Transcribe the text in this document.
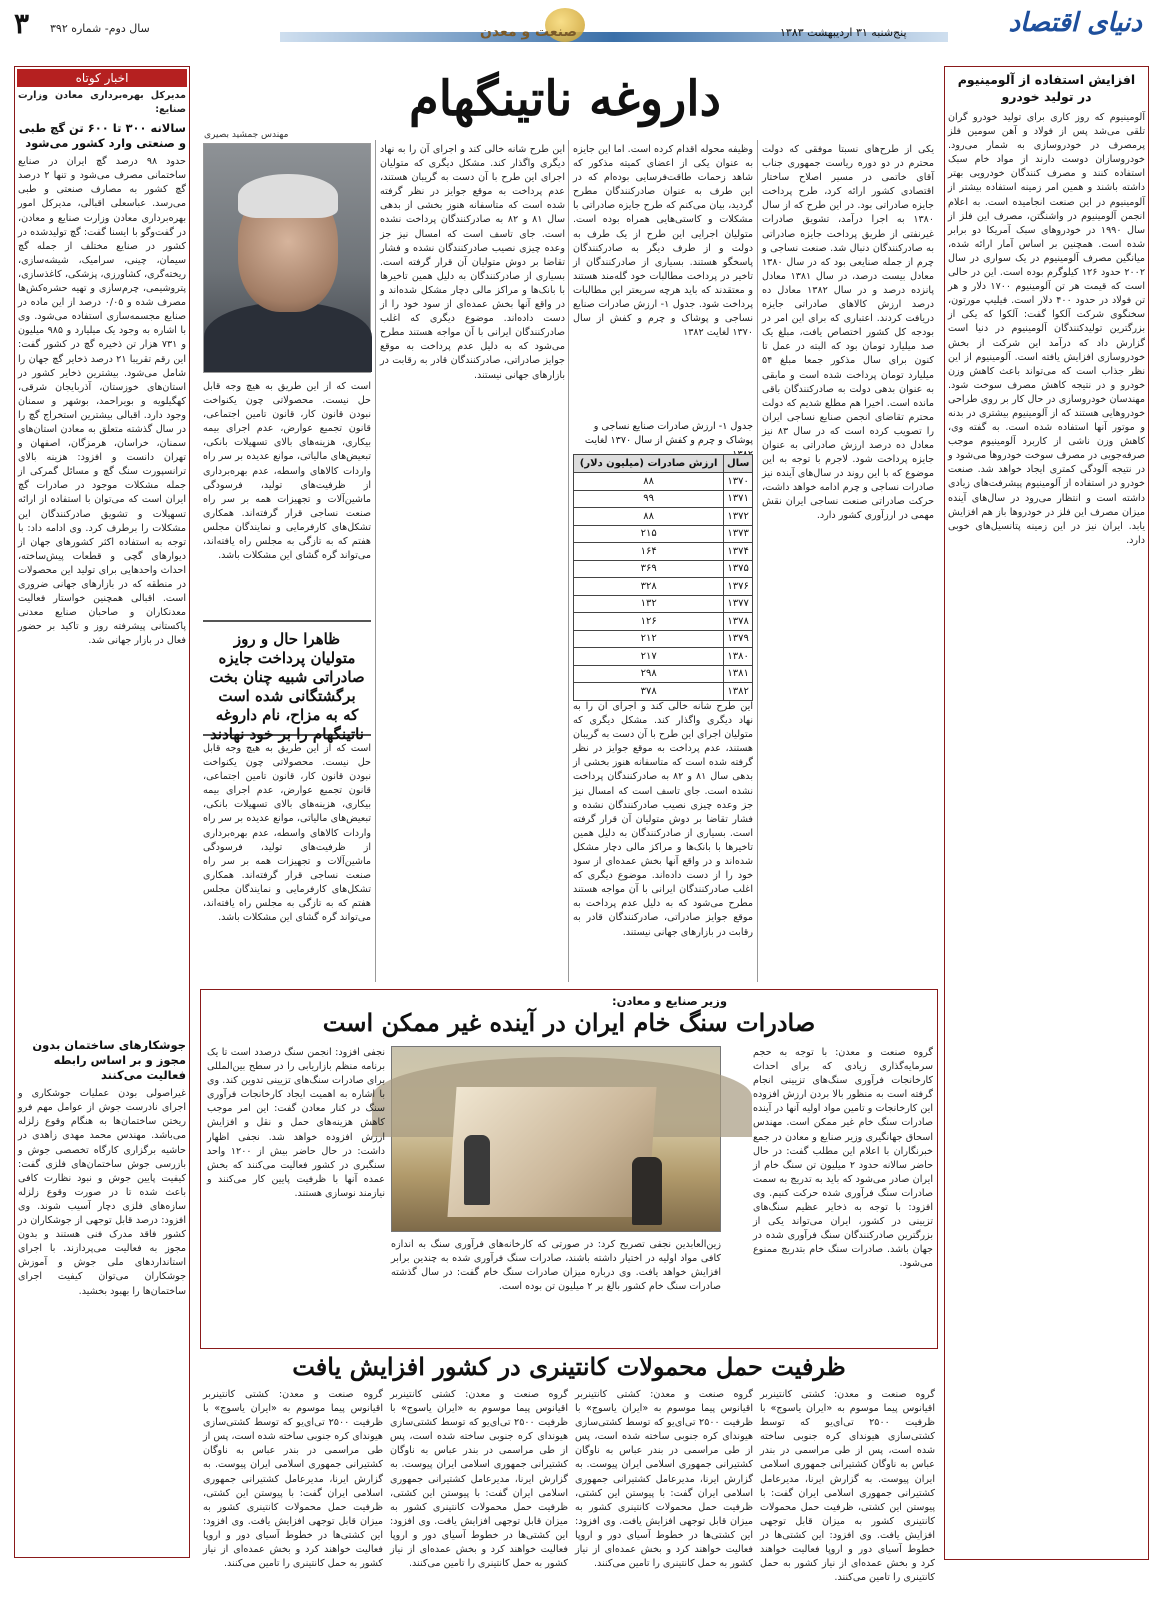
دنیای اقتصاد
پنج‌شنبه ۳۱ اردیبهشت ۱۳۸۳
صنعت و معدن
سال دوم- شماره ۳۹۲
۳
اخبار کوتاه
مدیرکل بهره‌برداری معادن وزارت صنایع:
سالانه ۳۰۰ تا ۶۰۰ تن گچ طبی و صنعتی وارد کشور می‌شود
حدود ۹۸ درصد گچ ایران در صنایع ساختمانی مصرف می‌شود و تنها ۲ درصد گچ کشور به مصارف صنعتی و طبی می‌رسد. عباسعلی اقبالی، مدیرکل امور بهره‌برداری معادن وزارت صنایع و معادن، در گفت‌وگو با ایسنا گفت: گچ تولیدشده در کشور در صنایع مختلف از جمله گچ سیمان، چینی، سرامیک، شیشه‌سازی، ریخته‌گری، کشاورزی، پزشکی، کاغذسازی، پتروشیمی، چرم‌سازی و تهیه حشره‌کش‌ها مصرف شده و ۰/۰۵ درصد از این ماده در صنایع مجسمه‌سازی استفاده می‌شود. وی با اشاره به وجود یک میلیارد و ۹۸۵ میلیون و ۷۳۱ هزار تن ذخیره گچ در کشور گفت: این رقم تقریبا ۲۱ درصد ذخایر گچ جهان را شامل می‌شود. بیشترین ذخایر کشور در استان‌های خوزستان، آذربایجان شرقی، کهگیلویه و بویراحمد، بوشهر و سمنان وجود دارد. اقبالی بیشترین استخراج گچ را در سال گذشته متعلق به معادن استان‌های سمنان، خراسان، هرمزگان، اصفهان و تهران دانست و افزود: هزینه بالای ترانسپورت سنگ گچ و مسائل گمرکی از جمله مشکلات موجود در صادرات گچ ایران است که می‌توان با استفاده از ارائه تسهیلات و تشویق صادرکنندگان این مشکلات را برطرف کرد. وی ادامه داد: با توجه به استفاده اکثر کشورهای جهان از دیوارهای گچی و قطعات پیش‌ساخته، احداث واحدهایی برای تولید این محصولات در منطقه که در بازارهای جهانی ضروری است. اقبالی همچنین خواستار فعالیت معدنکاران و صاحبان صنایع معدنی پاکستانی پیشرفته روز و تاکید بر حضور فعال در بازار جهانی شد.
جوشکارهای ساختمان بدون مجوز و بر اساس رابطه فعالیت می‌کنند
غیراصولی بودن عملیات جوشکاری و اجرای نادرست جوش از عوامل مهم فرو ریختن ساختمان‌ها به هنگام وقوع زلزله می‌باشد. مهندس محمد مهدی زاهدی در حاشیه برگزاری کارگاه تخصصی جوش و بازرسی جوش ساختمان‌های فلزی گفت: کیفیت پایین جوش و نبود نظارت کافی باعث شده تا در صورت وقوع زلزله سازه‌های فلزی دچار آسیب شوند. وی افزود: درصد قابل توجهی از جوشکاران در کشور فاقد مدرک فنی هستند و بدون مجوز به فعالیت می‌پردازند. با اجرای استانداردهای ملی جوش و آموزش جوشکاران می‌توان کیفیت اجرای ساختمان‌ها را بهبود بخشید.
داروغه ناتینگهام
مهندس جمشید بصیری
است که از این طریق به هیچ وجه قابل حل نیست. محصولاتی چون یکنواخت نبودن قانون کار، قانون تامین اجتماعی، قانون تجمیع عوارض، عدم اجرای بیمه بیکاری، هزینه‌های بالای تسهیلات بانکی، تبعیض‌های مالیاتی، موانع عدیده بر سر راه واردات کالاهای واسطه، عدم بهره‌برداری از ظرفیت‌های تولید، فرسودگی ماشین‌آلات و تجهیزات همه بر سر راه صنعت نساجی قرار گرفته‌اند. همکاری تشکل‌های کارفرمایی و نمایندگان مجلس هفتم که به تازگی به مجلس راه یافته‌اند، می‌تواند گره گشای این مشکلات باشد.
ظاهرا حال و روز متولیان پرداخت جایزه صادراتی شبیه چنان بخت برگشتگانی شده است که به مزاح، نام داروغه ناتینگهام را بر خود نهادند
است که از این طریق به هیچ وجه قابل حل نیست. محصولاتی چون یکنواخت نبودن قانون کار، قانون تامین اجتماعی، قانون تجمیع عوارض، عدم اجرای بیمه بیکاری، هزینه‌های بالای تسهیلات بانکی، تبعیض‌های مالیاتی، موانع عدیده بر سر راه واردات کالاهای واسطه، عدم بهره‌برداری از ظرفیت‌های تولید، فرسودگی ماشین‌آلات و تجهیزات همه بر سر راه صنعت نساجی قرار گرفته‌اند. همکاری تشکل‌های کارفرمایی و نمایندگان مجلس هفتم که به تازگی به مجلس راه یافته‌اند، می‌تواند گره گشای این مشکلات باشد.
این طرح شانه خالی کند و اجرای آن را به نهاد دیگری واگذار کند. مشکل دیگری که متولیان اجرای این طرح با آن دست به گریبان هستند، عدم پرداخت به موقع جوایز در نظر گرفته شده است که متاسفانه هنوز بخشی از بدهی سال ۸۱ و ۸۲ به صادرکنندگان پرداخت نشده است. جای تاسف است که امسال نیز جز وعده چیزی نصیب صادرکنندگان نشده و فشار تقاضا بر دوش متولیان آن قرار گرفته است. بسیاری از صادرکنندگان به دلیل همین تاخیرها با بانک‌ها و مراکز مالی دچار مشکل شده‌اند و در واقع آنها بخش عمده‌ای از سود خود را از دست داده‌اند. موضوع دیگری که اغلب صادرکنندگان ایرانی با آن مواجه هستند مطرح می‌شود که به دلیل عدم پرداخت به موقع جوایز صادراتی، صادرکنندگان قادر به رقابت در بازارهای جهانی نیستند.
وظیفه محوله اقدام کرده است. اما این جایزه به عنوان یکی از اعضای کمیته مذکور که شاهد زحمات طاقت‌فرسایی بوده‌ام که در این طرف به عنوان صادرکنندگان مطرح گردید، بیان می‌کنم که طرح جایزه صادراتی با مشکلات و کاستی‌هایی همراه بوده است. متولیان اجرایی این طرح از یک طرف به دولت و از طرف دیگر به صادرکنندگان پاسخگو هستند. بسیاری از صادرکنندگان از تاخیر در پرداخت مطالبات خود گله‌مند هستند و معتقدند که باید هرچه سریعتر این مطالبات پرداخت شود. جدول ۱- ارزش صادرات صنایع نساجی و پوشاک و چرم و کفش از سال ۱۳۷۰ لغایت ۱۳۸۲
این طرح شانه خالی کند و اجرای آن را به نهاد دیگری واگذار کند. مشکل دیگری که متولیان اجرای این طرح با آن دست به گریبان هستند، عدم پرداخت به موقع جوایز در نظر گرفته شده است که متاسفانه هنوز بخشی از بدهی سال ۸۱ و ۸۲ به صادرکنندگان پرداخت نشده است. جای تاسف است که امسال نیز جز وعده چیزی نصیب صادرکنندگان نشده و فشار تقاضا بر دوش متولیان آن قرار گرفته است. بسیاری از صادرکنندگان به دلیل همین تاخیرها با بانک‌ها و مراکز مالی دچار مشکل شده‌اند و در واقع آنها بخش عمده‌ای از سود خود را از دست داده‌اند. موضوع دیگری که اغلب صادرکنندگان ایرانی با آن مواجه هستند مطرح می‌شود که به دلیل عدم پرداخت به موقع جوایز صادراتی، صادرکنندگان قادر به رقابت در بازارهای جهانی نیستند.
یکی از طرح‌های نسبتا موفقی که دولت محترم در دو دوره ریاست جمهوری جناب آقای خاتمی در مسیر اصلاح ساختار اقتصادی کشور ارائه کرد، طرح پرداخت جایزه صادراتی بود. در این طرح که از سال ۱۳۸۰ به اجرا درآمد، تشویق صادرات غیرنفتی از طریق پرداخت جایزه صادراتی به صادرکنندگان دنبال شد. صنعت نساجی و چرم از جمله صنایعی بود که در سال ۱۳۸۰ معادل بیست درصد، در سال ۱۳۸۱ معادل پانزده درصد و در سال ۱۳۸۲ معادل ده درصد ارزش کالاهای صادراتی جایزه دریافت کردند. اعتباری که برای این امر در بودجه کل کشور اختصاص یافت، مبلغ یک صد میلیارد تومان بود که البته در عمل تا کنون برای سال مذکور جمعا مبلغ ۵۴ میلیارد تومان پرداخت شده است و مابقی به عنوان بدهی دولت به صادرکنندگان باقی مانده است. اخیرا هم مطلع شدیم که دولت محترم تقاضای انجمن صنایع نساجی ایران را تصویب کرده است که در سال ۸۳ نیز معادل ده درصد ارزش صادراتی به عنوان جایزه پرداخت شود. لاجرم با توجه به این موضوع که با این روند در سال‌های آینده نیز صادرات نساجی و چرم ادامه خواهد داشت، حرکت صادراتی صنعت نساجی ایران نقش مهمی در ارزآوری کشور دارد.
جدول ۱- ارزش صادرات صنایع نساجی و پوشاک و چرم و کفش از سال ۱۳۷۰ لغایت
سال	ارزش صادرات (میلیون دلار)
۱۳۷۰	۸۸
۱۳۷۱	۹۹
۱۳۷۲	۸۸
۱۳۷۳	۲۱۵
۱۳۷۴	۱۶۴
۱۳۷۵	۳۶۹
۱۳۷۶	۳۲۸
۱۳۷۷	۱۳۲
۱۳۷۸	۱۲۶
۱۳۷۹	۲۱۲
۱۳۸۰	۲۱۷
۱۳۸۱	۲۹۸
۱۳۸۲	۳۷۸
وزیر صنایع و معادن:
صادرات سنگ خام ایران در آینده غیر ممکن است
گروه صنعت و معدن: با توجه به حجم سرمایه‌گذاری زیادی که برای احداث کارخانجات فرآوری سنگ‌های تزیینی انجام گرفته است به منظور بالا بردن ارزش افزوده این کارخانجات و تامین مواد اولیه آنها در آینده صادرات سنگ خام غیر ممکن است. مهندس اسحاق جهانگیری وزیر صنایع و معادن در جمع خبرنگاران با اعلام این مطلب گفت: در حال حاضر سالانه حدود ۲ میلیون تن سنگ خام از ایران صادر می‌شود که باید به تدریج به سمت صادرات سنگ فرآوری شده حرکت کنیم. وی افزود: با توجه به ذخایر عظیم سنگ‌های تزیینی در کشور، ایران می‌تواند یکی از بزرگترین صادرکنندگان سنگ فرآوری شده در جهان باشد. صادرات سنگ خام بتدریج ممنوع می‌شود.
نجفی افزود: انجمن سنگ درصدد است تا یک برنامه منظم بازاریابی را در سطح بین‌المللی برای صادرات سنگ‌های تزیینی تدوین کند. وی با اشاره به اهمیت ایجاد کارخانجات فرآوری سنگ در کنار معادن گفت: این امر موجب کاهش هزینه‌های حمل و نقل و افزایش ارزش افزوده خواهد شد. نجفی اظهار داشت: در حال حاضر بیش از ۱۲۰۰ واحد سنگبری در کشور فعالیت می‌کنند که بخش عمده آنها با ظرفیت پایین کار می‌کنند و نیازمند نوسازی هستند.
زین‌العابدین نجفی تصریح کرد: در صورتی که کارخانه‌های فرآوری سنگ به اندازه کافی مواد اولیه در اختیار داشته باشند، صادرات سنگ فرآوری شده به چندین برابر افزایش خواهد یافت. وی درباره میزان صادرات سنگ خام گفت: در سال گذشته صادرات سنگ خام کشور بالغ بر ۲ میلیون تن بوده است.
ظرفیت حمل محمولات کانتینری در کشور افزایش یافت
گروه صنعت و معدن: کشتی کانتینربر اقیانوس پیما موسوم به «ایران یاسوج» با ظرفیت ۲۵۰۰ تی‌ای‌یو که توسط کشتی‌سازی هیوندای کره جنوبی ساخته شده است، پس از طی مراسمی در بندر عباس به ناوگان کشتیرانی جمهوری اسلامی ایران پیوست. به گزارش ایرنا، مدیرعامل کشتیرانی جمهوری اسلامی ایران گفت: با پیوستن این کشتی، ظرفیت حمل محمولات کانتینری کشور به میزان قابل توجهی افزایش یافت. وی افزود: این کشتی‌ها در خطوط آسیای دور و اروپا فعالیت خواهند کرد و بخش عمده‌ای از نیاز کشور به حمل کانتینری را تامین می‌کنند.
گروه صنعت و معدن: کشتی کانتینربر اقیانوس پیما موسوم به «ایران یاسوج» با ظرفیت ۲۵۰۰ تی‌ای‌یو که توسط کشتی‌سازی هیوندای کره جنوبی ساخته شده است، پس از طی مراسمی در بندر عباس به ناوگان کشتیرانی جمهوری اسلامی ایران پیوست. به گزارش ایرنا، مدیرعامل کشتیرانی جمهوری اسلامی ایران گفت: با پیوستن این کشتی، ظرفیت حمل محمولات کانتینری کشور به میزان قابل توجهی افزایش یافت. وی افزود: این کشتی‌ها در خطوط آسیای دور و اروپا فعالیت خواهند کرد و بخش عمده‌ای از نیاز کشور به حمل کانتینری را تامین می‌کنند.
گروه صنعت و معدن: کشتی کانتینربر اقیانوس پیما موسوم به «ایران یاسوج» با ظرفیت ۲۵۰۰ تی‌ای‌یو که توسط کشتی‌سازی هیوندای کره جنوبی ساخته شده است، پس از طی مراسمی در بندر عباس به ناوگان کشتیرانی جمهوری اسلامی ایران پیوست. به گزارش ایرنا، مدیرعامل کشتیرانی جمهوری اسلامی ایران گفت: با پیوستن این کشتی، ظرفیت حمل محمولات کانتینری کشور به میزان قابل توجهی افزایش یافت. وی افزود: این کشتی‌ها در خطوط آسیای دور و اروپا فعالیت خواهند کرد و بخش عمده‌ای از نیاز کشور به حمل کانتینری را تامین می‌کنند.
گروه صنعت و معدن: کشتی کانتینربر اقیانوس پیما موسوم به «ایران یاسوج» با ظرفیت ۲۵۰۰ تی‌ای‌یو که توسط کشتی‌سازی هیوندای کره جنوبی ساخته شده است، پس از طی مراسمی در بندر عباس به ناوگان کشتیرانی جمهوری اسلامی ایران پیوست. به گزارش ایرنا، مدیرعامل کشتیرانی جمهوری اسلامی ایران گفت: با پیوستن این کشتی، ظرفیت حمل محمولات کانتینری کشور به میزان قابل توجهی افزایش یافت. وی افزود: این کشتی‌ها در خطوط آسیای دور و اروپا فعالیت خواهند کرد و بخش عمده‌ای از نیاز کشور به حمل کانتینری را تامین می‌کنند.
افزایش استفاده از آلومینیوم در تولید خودرو
آلومینیوم که روز کاری برای تولید خودرو گران تلقی می‌شد پس از فولاد و آهن سومین فلز پرمصرف در خودروسازی به شمار می‌رود. خودروسازان دوست دارند از مواد خام سبک استفاده کنند و مصرف کنندگان خودرویی بهتر داشته باشند و همین امر زمینه استفاده بیشتر از آلومینیوم در این صنعت انجامیده است. به اعلام انجمن آلومینیوم در واشنگتن، مصرف این فلز از سال ۱۹۹۰ در خودروهای سبک آمریکا دو برابر شده است. همچنین بر اساس آمار ارائه شده، میانگین مصرف آلومینیوم در یک سواری در سال ۲۰۰۲ حدود ۱۲۶ کیلوگرم بوده است. این در حالی است که قیمت هر تن آلومینیوم ۱۷۰۰ دلار و هر تن فولاد در حدود ۴۰۰ دلار است. فیلیپ مورتون، سخنگوی شرکت آلکوا گفت: آلکوا که یکی از بزرگترین تولیدکنندگان آلومینیوم در دنیا است گزارش داد که درآمد این شرکت از بخش خودروسازی افزایش یافته است. آلومینیوم از این نظر جذاب است که می‌تواند باعث کاهش وزن خودرو و در نتیجه کاهش مصرف سوخت شود. مهندسان خودروسازی در حال کار بر روی طراحی خودروهایی هستند که از آلومینیوم بیشتری در بدنه و موتور آنها استفاده شده است. به گفته وی، کاهش وزن ناشی از کاربرد آلومینیوم موجب صرفه‌جویی در مصرف سوخت خودروها می‌شود و در نتیجه آلودگی کمتری ایجاد خواهد شد. صنعت خودرو در استفاده از آلومینیوم پیشرفت‌های زیادی داشته است و انتظار می‌رود در سال‌های آینده میزان مصرف این فلز در خودروها باز هم افزایش یابد. ایران نیز در این زمینه پتانسیل‌های خوبی دارد.
